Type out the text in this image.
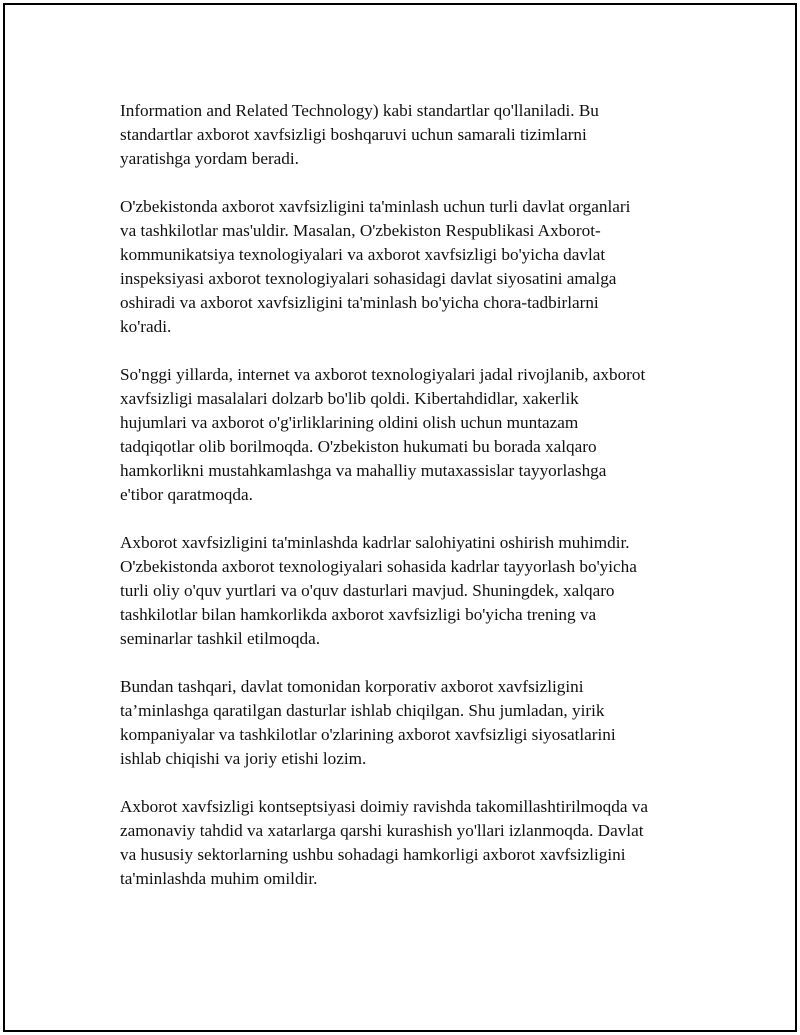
Information and Related Technology) kabi standartlar qo'llaniladi. Bu
standartlar axborot xavfsizligi boshqaruvi uchun samarali tizimlarni
yaratishga yordam beradi.

O'zbekistonda axborot xavfsizligini ta'minlash uchun turli davlat organlari
va tashkilotlar mas'uldir. Masalan, O'zbekiston Respublikasi Axborot-
kommunikatsiya texnologiyalari va axborot xavfsizligi bo'yicha davlat
inspeksiyasi axborot texnologiyalari sohasidagi davlat siyosatini amalga
oshiradi va axborot xavfsizligini ta'minlash bo'yicha chora-tadbirlarni
ko'radi.

So'nggi yillarda, internet va axborot texnologiyalari jadal rivojlanib, axborot
xavfsizligi masalalari dolzarb bo'lib qoldi. Kibertahdidlar, xakerlik
hujumlari va axborot o'g'irliklarining oldini olish uchun muntazam
tadqiqotlar olib borilmoqda. O'zbekiston hukumati bu borada xalqaro
hamkorlikni mustahkamlashga va mahalliy mutaxassislar tayyorlashga
e'tibor qaratmoqda.

Axborot xavfsizligini ta'minlashda kadrlar salohiyatini oshirish muhimdir.
O'zbekistonda axborot texnologiyalari sohasida kadrlar tayyorlash bo'yicha
turli oliy o'quv yurtlari va o'quv dasturlari mavjud. Shuningdek, xalqaro
tashkilotlar bilan hamkorlikda axborot xavfsizligi bo'yicha trening va
seminarlar tashkil etilmoqda.

Bundan tashqari, davlat tomonidan korporativ axborot xavfsizligini
ta’minlashga qaratilgan dasturlar ishlab chiqilgan. Shu jumladan, yirik
kompaniyalar va tashkilotlar o'zlarining axborot xavfsizligi siyosatlarini
ishlab chiqishi va joriy etishi lozim.

Axborot xavfsizligi kontseptsiyasi doimiy ravishda takomillashtirilmoqda va
zamonaviy tahdid va xatarlarga qarshi kurashish yo'llari izlanmoqda. Davlat
va hususiy sektorlarning ushbu sohadagi hamkorligi axborot xavfsizligini
ta'minlashda muhim omildir.
